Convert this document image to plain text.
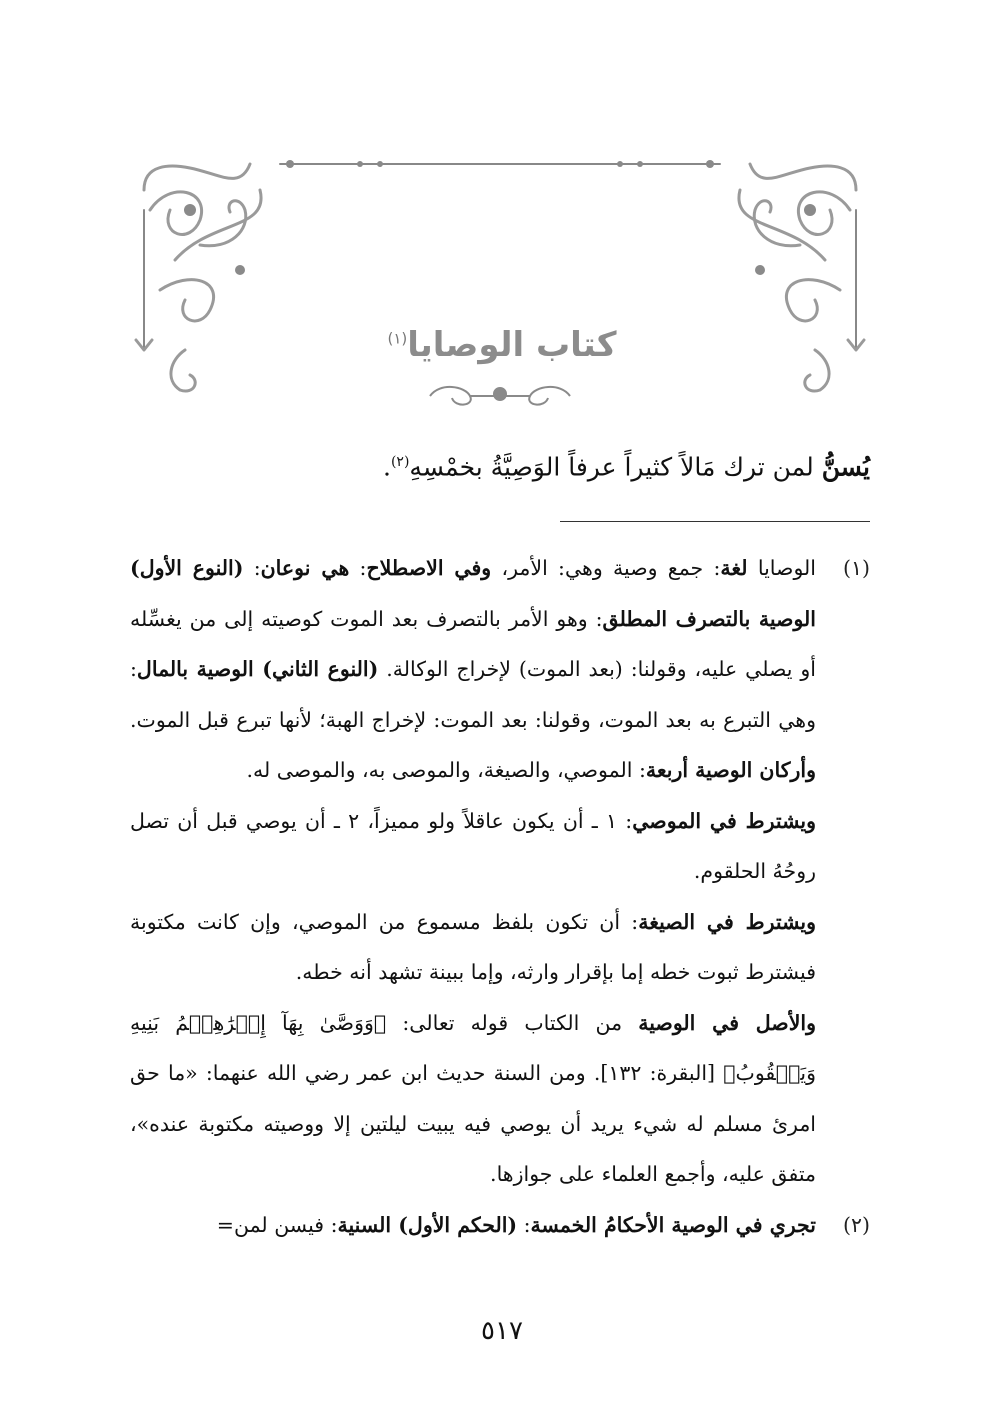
كتاب الوصايا$^{(١)}$
يُسنُّ لمن ترك مَالاً كثيراً عرفاً الوَصِيَّةُ بخمْسِهِ$^{(٢)}$.
(١)

الوصايا لغة: جمع وصية وهي: الأمر، وفي الاصطلاح: هي نوعان: (النوع الأول) الوصية بالتصرف المطلق: وهو الأمر بالتصرف بعد الموت كوصيته إلى من يغسِّله أو يصلي عليه، وقولنا: (بعد الموت) لإخراج الوكالة. (النوع الثاني) الوصية بالمال: وهي التبرع به بعد الموت، وقولنا: بعد الموت: لإخراج الهبة؛ لأنها تبرع قبل الموت. وأركان الوصية أربعة: الموصي، والصيغة، والموصى به، والموصى له.

ويشترط في الموصي: ١ ـ أن يكون عاقلاً ولو مميزاً، ٢ ـ أن يوصي قبل أن تصل روحُهُ الحلقوم.

ويشترط في الصيغة: أن تكون بلفظ مسموع من الموصي، وإن كانت مكتوبة فيشترط ثبوت خطه إما بإقرار وارثه، وإما ببينة تشهد أنه خطه.

والأصل في الوصية من الكتاب قوله تعالى: ﴿وَوَصَّىٰ بِهَآ إِبۡرَٰهِـۧمُ بَنِيهِ وَيَعۡقُوبُ﴾ [البقرة: ١٣٢]. ومن السنة حديث ابن عمر رضي الله عنهما: «ما حق امرئ مسلم له شيء يريد أن يوصي فيه يبيت ليلتين إلا ووصيته مكتوبة عنده»، متفق عليه، وأجمع العلماء على جوازها.

(٢)

تجري في الوصية الأحكامُ الخمسة: (الحكم الأول) السنية: فيسن لمن=

٥١٧
